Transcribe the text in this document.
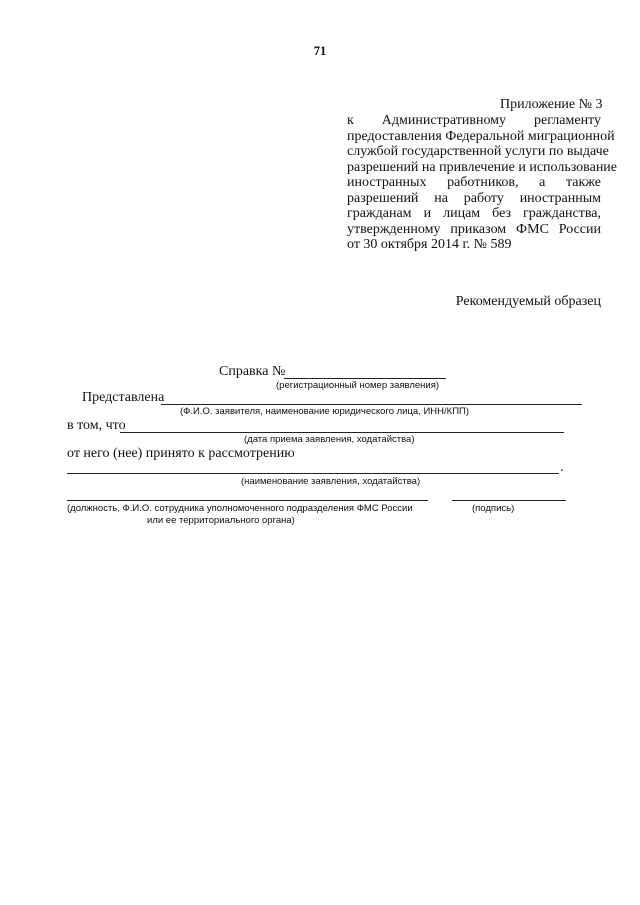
71
Приложение № 3
к Административному регламенту
предоставления Федеральной миграционной
службой государственной услуги по выдаче
разрешений на привлечение и использование
иностранных работников, а также
разрешений на работу иностранным
гражданам и лицам без гражданства,
утвержденному приказом ФМС России
от 30 октября 2014 г. № 589
Рекомендуемый образец
Справка №
(регистрационный номер заявления)
Представлена
(Ф.И.О. заявителя, наименование юридического лица, ИНН/КПП)
в том, что
(дата приема заявления, ходатайства)
от него (нее) принято к рассмотрению
.
(наименование заявления, ходатайства)
(должность, Ф.И.О. сотрудника уполномоченного подразделения ФМС России
или ее территориального органа)
(подпись)
